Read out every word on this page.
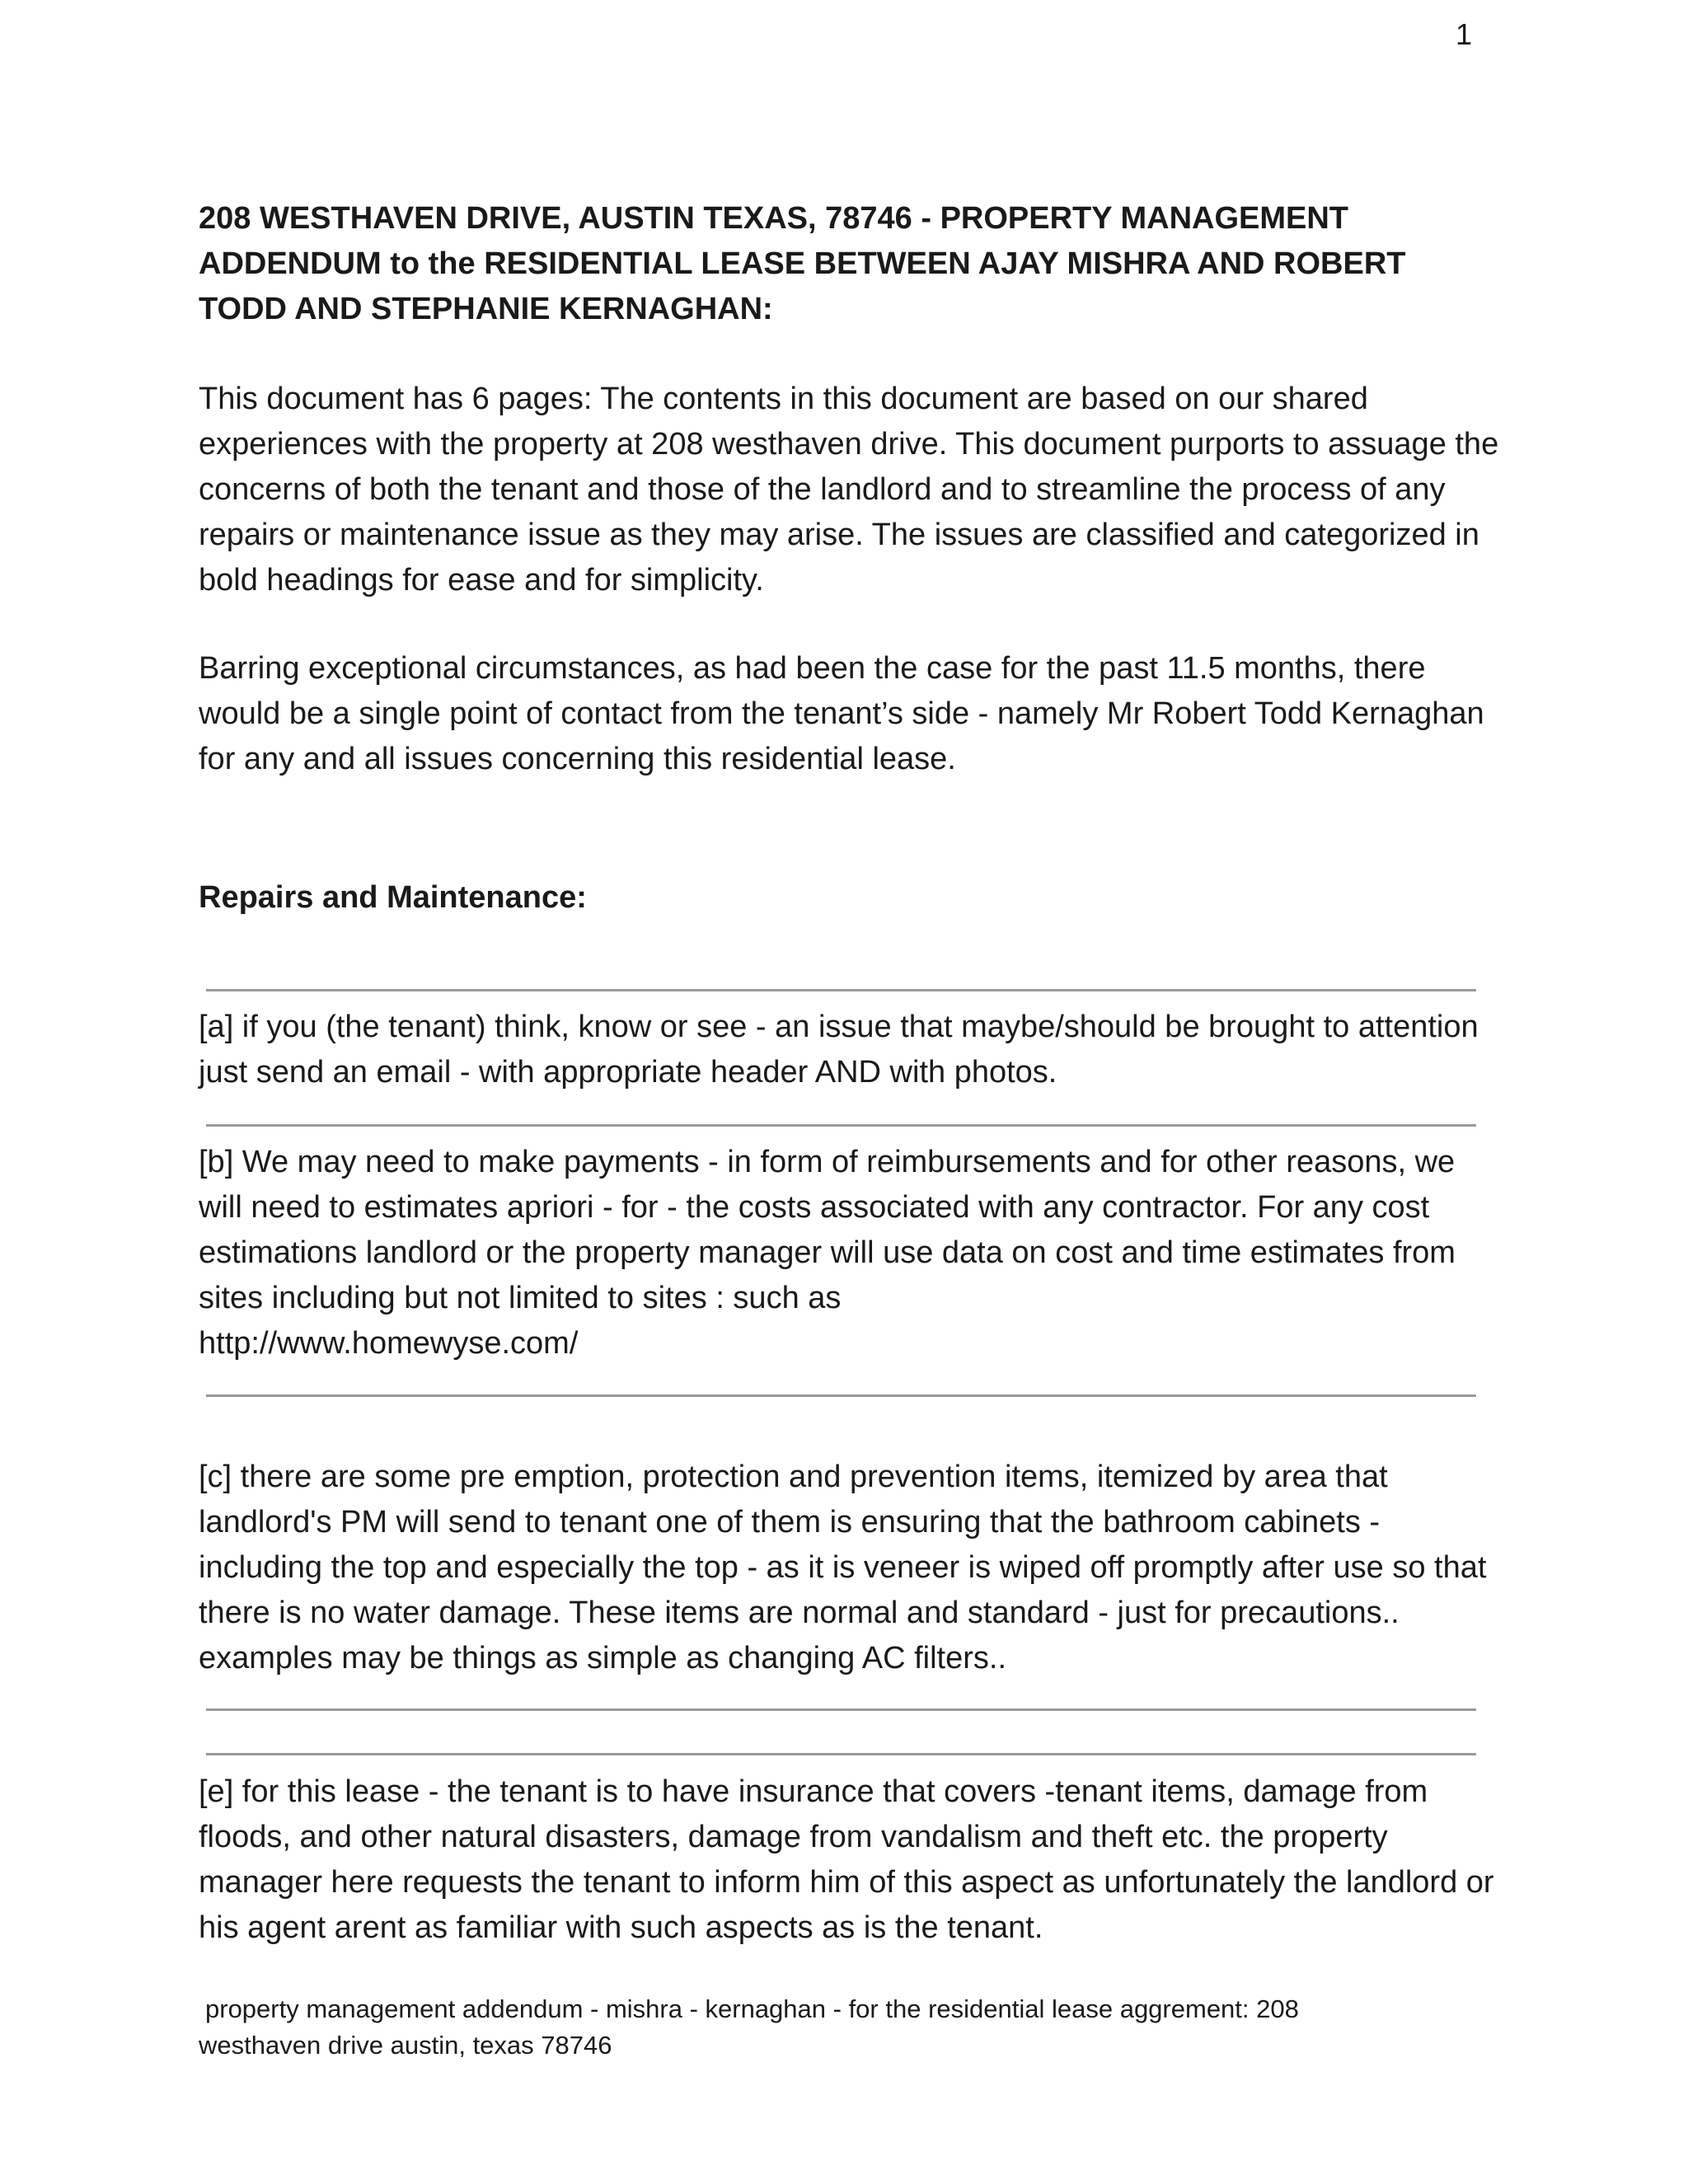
1

208 WESTHAVEN DRIVE, AUSTIN TEXAS, 78746 - PROPERTY MANAGEMENT ADDENDUM to the RESIDENTIAL LEASE BETWEEN AJAY MISHRA AND ROBERT TODD AND STEPHANIE KERNAGHAN:

This document has 6 pages: The contents in this document are based on our shared experiences with the property at 208 westhaven drive. This document purports to assuage the concerns of both the tenant and those of the landlord and to streamline the process of any repairs or maintenance issue as they may arise. The issues are classified and categorized in bold headings for ease and for simplicity.

Barring exceptional circumstances, as had been the case for the past 11.5 months, there would be a single point of contact from the tenant’s side - namely Mr Robert Todd Kernaghan for any and all issues concerning this residential lease.

Repairs and Maintenance:

[a] if you (the tenant) think, know or see - an issue that maybe/should be brought to attention just send an email - with appropriate header AND with photos.

[b] We may need to make payments - in form of reimbursements and for other reasons, we will need to estimates apriori - for - the costs associated with any contractor. For any cost estimations landlord or the property manager will use data on cost and time estimates from sites including but not limited to sites : such as
http://www.homewyse.com/

[c] there are some pre emption, protection and prevention items, itemized by area that landlord's PM will send to tenant one of them is ensuring that the bathroom cabinets - including the top and especially the top - as it is veneer is wiped off promptly after use so that there is no water damage. These items are normal and standard - just for precautions.. examples may be things as simple as changing AC filters..

[e] for this lease - the tenant is to have insurance that covers -tenant items, damage from floods, and other natural disasters, damage from vandalism and theft etc. the property manager here requests the tenant to inform him of this aspect as unfortunately the landlord or his agent arent as familiar with such aspects as is the tenant.

property management addendum - mishra - kernaghan - for the residential lease aggrement: 208
westhaven drive austin, texas 78746
